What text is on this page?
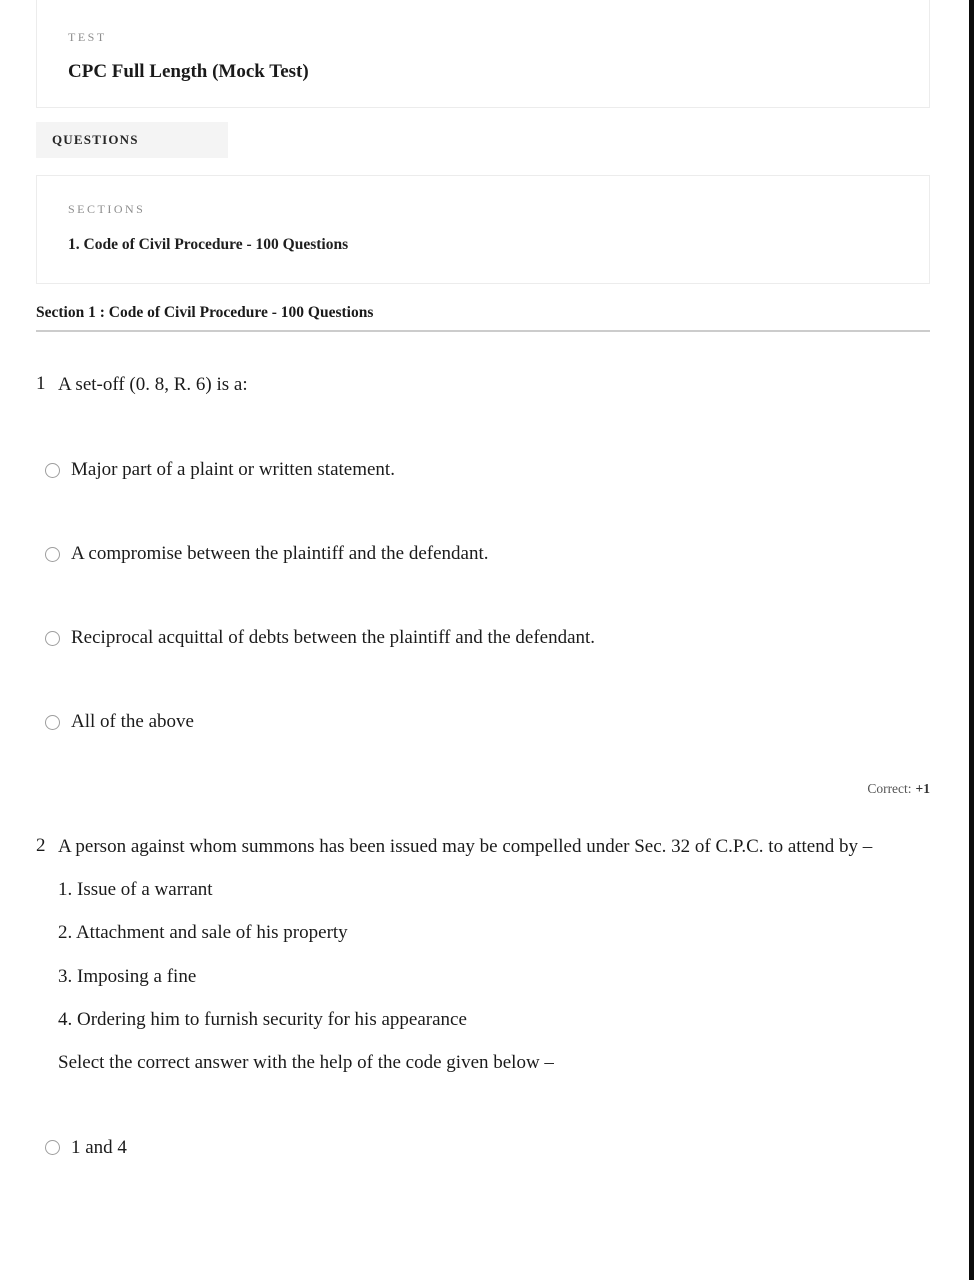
TEST
CPC Full Length (Mock Test)
QUESTIONS
SECTIONS
1. Code of Civil Procedure - 100 Questions
Section 1 : Code of Civil Procedure - 100 Questions
1 A set-off (0. 8, R. 6) is a:
Major part of a plaint or written statement.
A compromise between the plaintiff and the defendant.
Reciprocal acquittal of debts between the plaintiff and the defendant.
All of the above
Correct: +1
2 A person against whom summons has been issued may be compelled under Sec. 32 of C.P.C. to attend by –
1. Issue of a warrant
2. Attachment and sale of his property
3. Imposing a fine
4. Ordering him to furnish security for his appearance
Select the correct answer with the help of the code given below –
1 and 4
